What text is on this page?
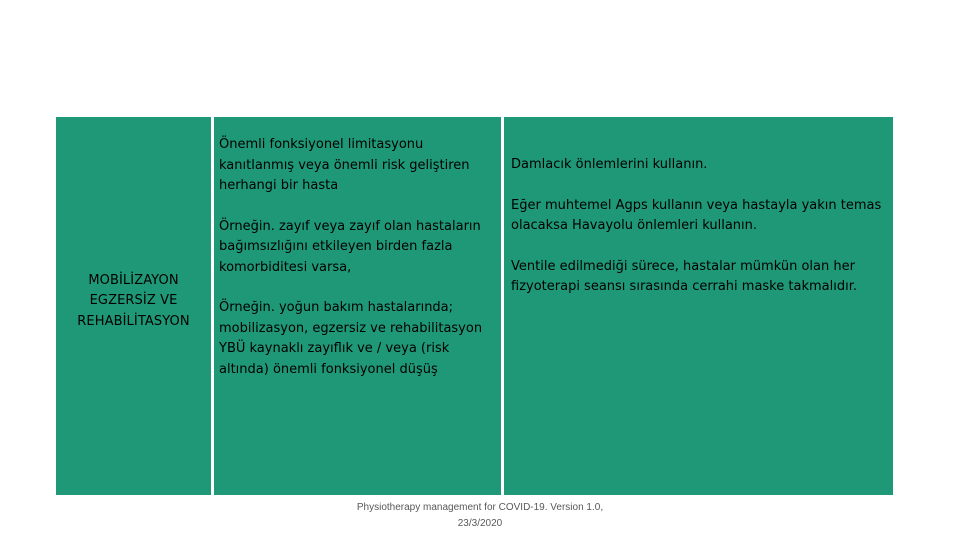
MOBİLİZAYON EGZERSİZ VE REHABİLİTASYON

Önemli fonksiyonel limitasyonu kanıtlanmış veya önemli risk geliştiren herhangi bir hasta

Örneğin. zayıf veya zayıf olan hastaların bağımsızlığını etkileyen birden fazla komorbiditesi varsa,

Örneğin. yoğun bakım hastalarında; mobilizasyon, egzersiz ve rehabilitasyon YBÜ kaynaklı zayıflık ve / veya (risk altında) önemli fonksiyonel düşüş

Damlacık önlemlerini kullanın.

Eğer muhtemel Agps kullanın veya hastayla yakın temas olacaksa Havayolu önlemleri kullanın.

Ventile edilmediği sürece, hastalar mümkün olan her fizyoterapi seansı sırasında cerrahi maske takmalıdır.

Physiotherapy management for COVID-19. Version 1.0,
23/3/2020
